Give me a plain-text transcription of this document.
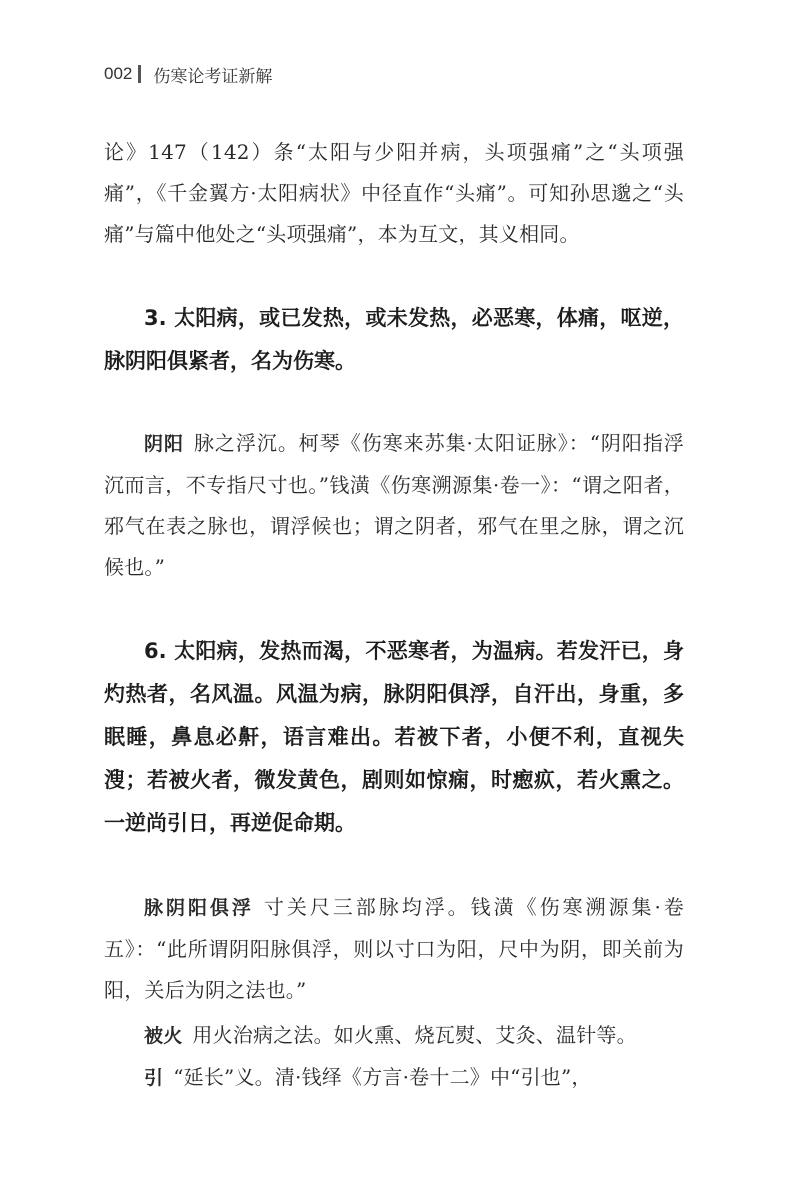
002 伤寒论考证新解

论》147（142）条“太阳与少阳并病，头项强痛”之“头项强痛”，《千金翼方·太阳病状》中径直作“头痛”。可知孙思邈之“头痛”与篇中他处之“头项强痛”，本为互文，其义相同。

3. 太阳病，或已发热，或未发热，必恶寒，体痛，呕逆，脉阴阳俱紧者，名为伤寒。

阴阳 脉之浮沉。柯琴《伤寒来苏集·太阳证脉》：“阴阳指浮沉而言，不专指尺寸也。”钱潢《伤寒溯源集·卷一》：“谓之阳者，邪气在表之脉也，谓浮候也；谓之阴者，邪气在里之脉，谓之沉候也。”

6. 太阳病，发热而渴，不恶寒者，为温病。若发汗已，身灼热者，名风温。风温为病，脉阴阳俱浮，自汗出，身重，多眠睡，鼻息必鼾，语言难出。若被下者，小便不利，直视失溲；若被火者，微发黄色，剧则如惊痫，时瘛疭，若火熏之。一逆尚引日，再逆促命期。

脉阴阳俱浮 寸关尺三部脉均浮。钱潢《伤寒溯源集·卷五》：“此所谓阴阳脉俱浮，则以寸口为阳，尺中为阴，即关前为阳，关后为阴之法也。”

被火 用火治病之法。如火熏、烧瓦熨、艾灸、温针等。

引 “延长”义。清·钱绎《方言·卷十二》中“引也”，
